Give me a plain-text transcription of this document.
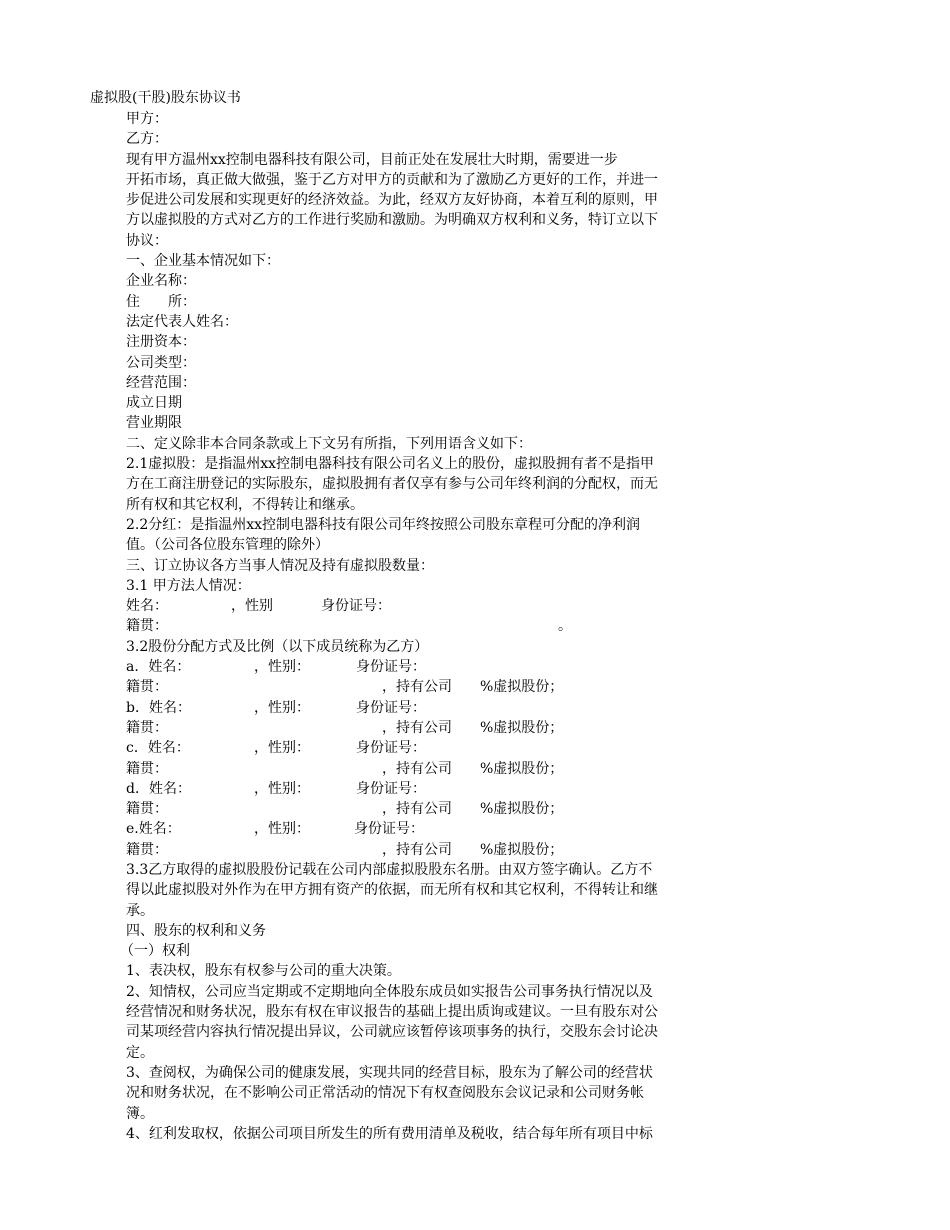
虚拟股(干股)股东协议书
甲方：
乙方：
现有甲方温州xx控制电器科技有限公司，目前正处在发展壮大时期，需要进一步
开拓市场，真正做大做强，鉴于乙方对甲方的贡献和为了激励乙方更好的工作，并进一
步促进公司发展和实现更好的经济效益。为此，经双方友好协商，本着互利的原则，甲
方以虚拟股的方式对乙方的工作进行奖励和激励。为明确双方权利和义务，特订立以下
协议：
一、企业基本情况如下：
企业名称：
住　　所：
法定代表人姓名：
注册资本：
公司类型：
经营范围：
成立日期
营业期限
二、定义除非本合同条款或上下文另有所指，下列用语含义如下：
2.1虚拟股：是指温州xx控制电器科技有限公司名义上的股份，虚拟股拥有者不是指甲
方在工商注册登记的实际股东，虚拟股拥有者仅享有参与公司年终利润的分配权，而无
所有权和其它权利，不得转让和继承。
2.2分红：是指温州xx控制电器科技有限公司年终按照公司股东章程可分配的净利润
值。（公司各位股东管理的除外）
三、订立协议各方当事人情况及持有虚拟股数量：
3.1 甲方法人情况：
姓名：	，性别	身份证号：
籍贯：	。
3.2股份分配方式及比例（以下成员统称为乙方）
a．姓名：	，性别：	身份证号：
籍贯：	，持有公司 %虚拟股份；
b．姓名：	，性别：	身份证号：
籍贯：	，持有公司 %虚拟股份；
c．姓名：	，性别：	身份证号：
籍贯：	，持有公司 %虚拟股份；
d．姓名：	，性别：	身份证号：
籍贯：	，持有公司 %虚拟股份；
e.姓名：	，性别：	身份证号：
籍贯：	，持有公司 %虚拟股份；
3.3乙方取得的虚拟股股份记载在公司内部虚拟股股东名册。由双方签字确认。乙方不
得以此虚拟股对外作为在甲方拥有资产的依据，而无所有权和其它权利，不得转让和继
承。
四、股东的权利和义务
（一）权利
1、表决权，股东有权参与公司的重大决策。
2、知情权，公司应当定期或不定期地向全体股东成员如实报告公司事务执行情况以及
经营情况和财务状况，股东有权在审议报告的基础上提出质询或建议。一旦有股东对公
司某项经营内容执行情况提出异议，公司就应该暂停该项事务的执行，交股东会讨论决
定。
3、查阅权，为确保公司的健康发展，实现共同的经营目标，股东为了解公司的经营状
况和财务状况，在不影响公司正常活动的情况下有权查阅股东会议记录和公司财务帐
簿。
4、红利发取权，依据公司项目所发生的所有费用清单及税收，结合每年所有项目中标
